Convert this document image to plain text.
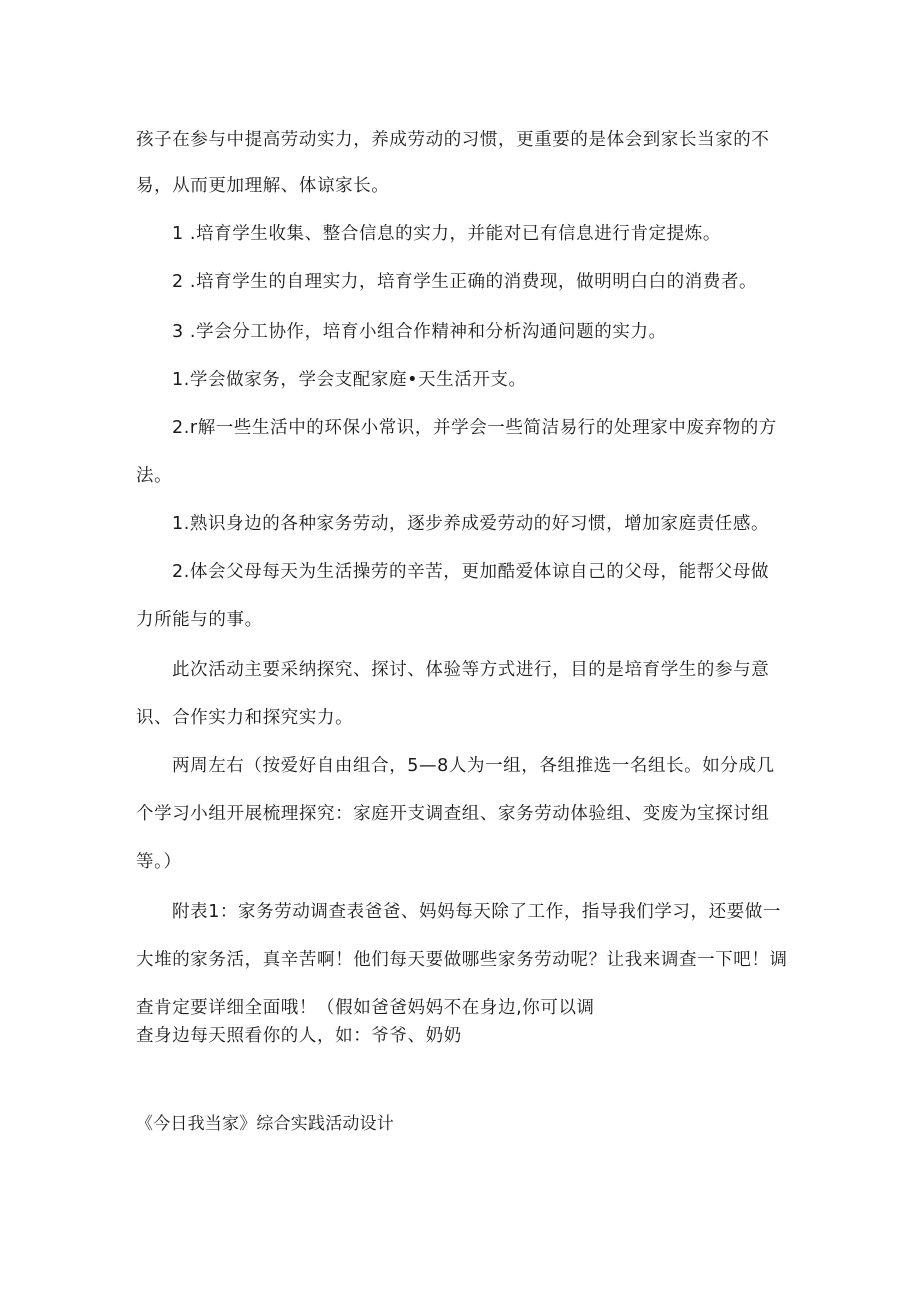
孩子在参与中提高劳动实力，养成劳动的习惯，更重要的是体会到家长当家的不
易，从而更加理解、体谅家长。
1 .培育学生收集、整合信息的实力，并能对已有信息进行肯定提炼。
2 .培育学生的自理实力，培育学生正确的消费现，做明明白白的消费者。
3 .学会分工协作，培育小组合作精神和分析沟通问题的实力。
1.学会做家务，学会支配家庭•天生活开支。
2.r解一些生活中的环保小常识，并学会一些简洁易行的处理家中废弃物的方
法。
1.熟识身边的各种家务劳动，逐步养成爱劳动的好习惯，增加家庭责任感。
2.体会父母每天为生活操劳的辛苦，更加酷爱体谅自己的父母，能帮父母做
力所能与的事。
此次活动主要采纳探究、探讨、体验等方式进行，目的是培育学生的参与意
识、合作实力和探究实力。
两周左右（按爱好自由组合，5—8人为一组，各组推选一名组长。如分成几
个学习小组开展梳理探究：家庭开支调查组、家务劳动体验组、变废为宝探讨组
等。）
附表1：家务劳动调查表爸爸、妈妈每天除了工作，指导我们学习，还要做一
大堆的家务活，真辛苦啊！他们每天要做哪些家务劳动呢？让我来调查一下吧！调
查肯定要详细全面哦！（假如爸爸妈妈不在身边,你可以调
查身边每天照看你的人，如：爷爷、奶奶
《今日我当家》综合实践活动设计
